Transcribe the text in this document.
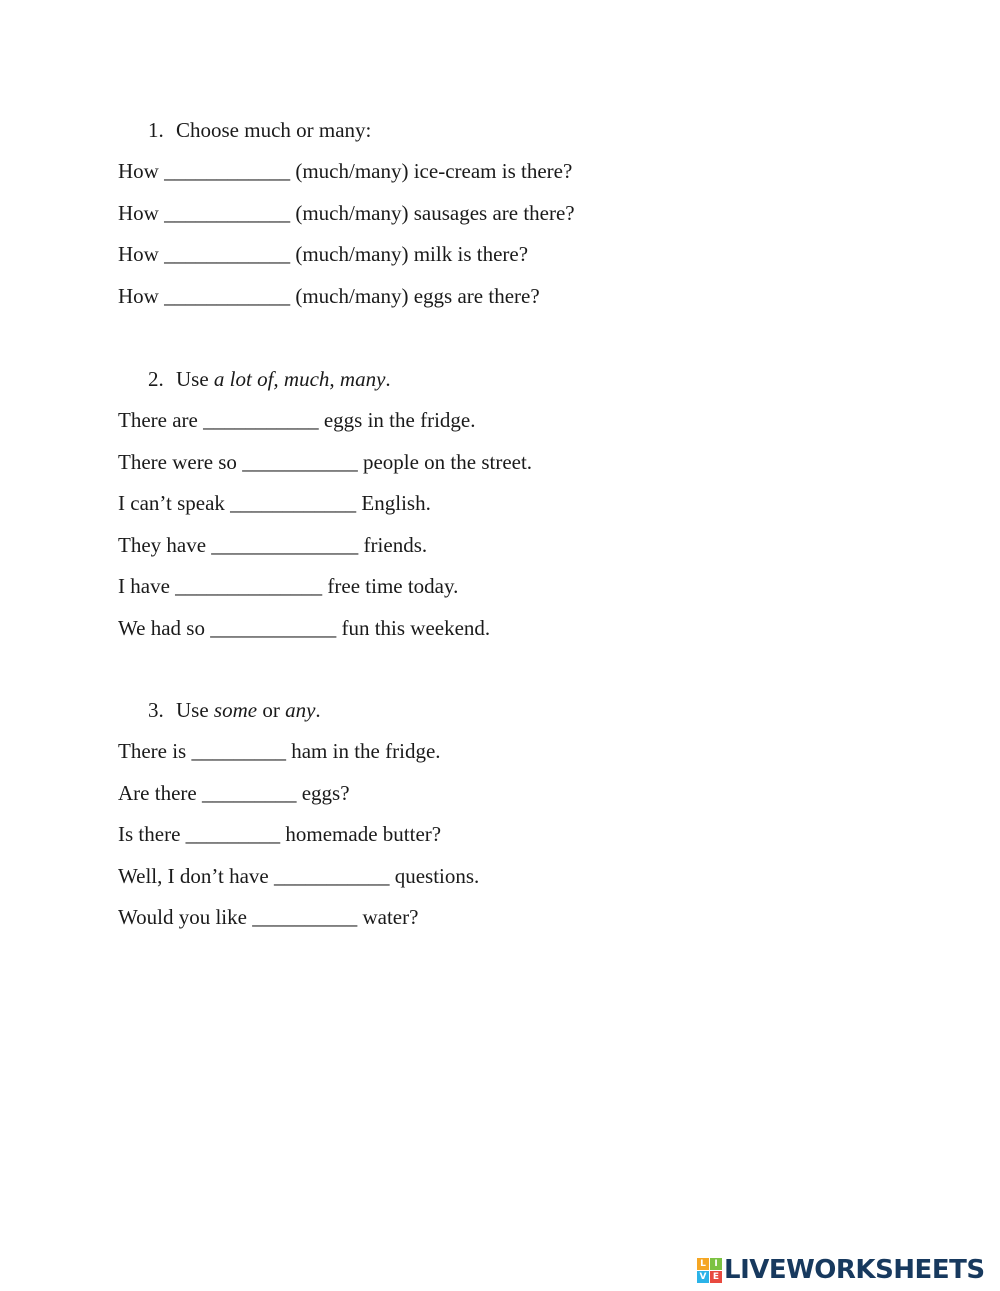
1. Choose much or many:
How ____________ (much/many) ice-cream is there?
How ____________ (much/many) sausages are there?
How ____________ (much/many) milk is there?
How ____________ (much/many) eggs are there?
2. Use a lot of, much, many.
There are ___________ eggs in the fridge.
There were so ___________ people on the street.
I can’t speak ____________ English.
They have ______________ friends.
I have ______________ free time today.
We had so ____________ fun this weekend.
3. Use some or any.
There is _________ ham in the fridge.
Are there _________ eggs?
Is there _________ homemade butter?
Well, I don’t have ___________ questions.
Would you like __________ water?
L I
V E LIVEWORKSHEETS
